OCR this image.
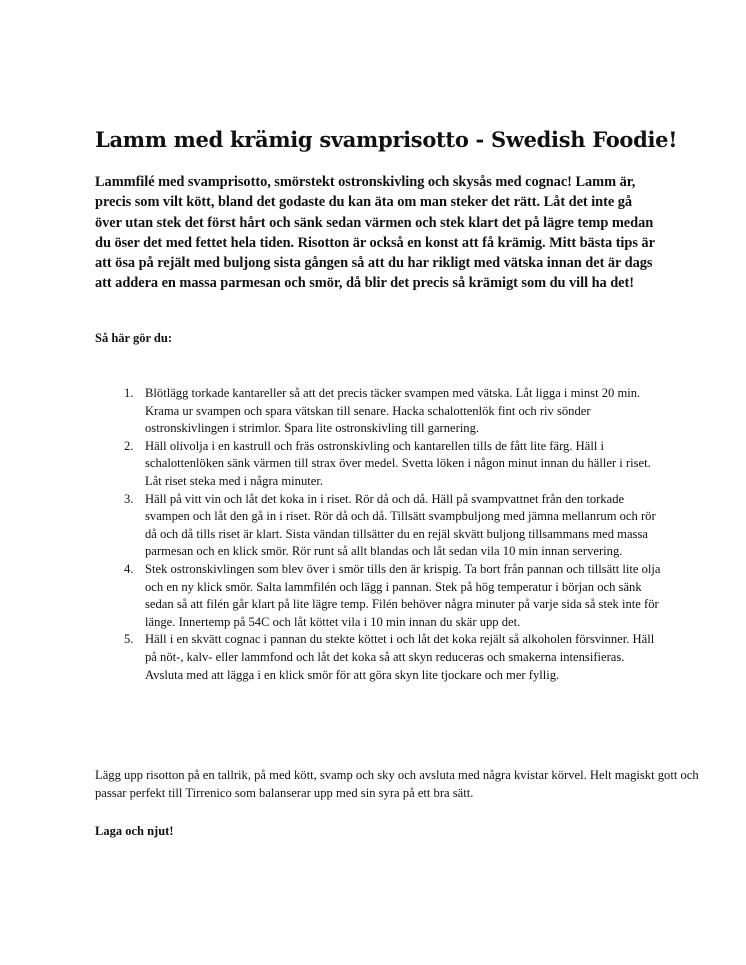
Lamm med krämig svamprisotto - Swedish Foodie!

Lammfilé med svamprisotto, smörstekt ostronskivling och skysås med cognac! Lamm är, precis som vilt kött, bland det godaste du kan äta om man steker det rätt. Låt det inte gå över utan stek det först hårt och sänk sedan värmen och stek klart det på lägre temp medan du öser det med fettet hela tiden. Risotton är också en konst att få krämig. Mitt bästa tips är att ösa på rejält med buljong sista gången så att du har rikligt med vätska innan det är dags att addera en massa parmesan och smör, då blir det precis så krämigt som du vill ha det!

Så här gör du:

1. Blötlägg torkade kantareller så att det precis täcker svampen med vätska. Låt ligga i minst 20 min. Krama ur svampen och spara vätskan till senare. Hacka schalottenlök fint och riv sönder ostronskivlingen i strimlor. Spara lite ostronskivling till garnering.
2. Häll olivolja i en kastrull och fräs ostronskivling och kantarellen tills de fått lite färg. Häll i schalottenlöken sänk värmen till strax över medel. Svetta löken i någon minut innan du häller i riset. Låt riset steka med i några minuter.
3. Häll på vitt vin och låt det koka in i riset. Rör då och då. Häll på svampvattnet från den torkade svampen och låt den gå in i riset. Rör då och då. Tillsätt svampbuljong med jämna mellanrum och rör då och då tills riset är klart. Sista vändan tillsätter du en rejäl skvätt buljong tillsammans med massa parmesan och en klick smör. Rör runt så allt blandas och låt sedan vila 10 min innan servering.
4. Stek ostronskivlingen som blev över i smör tills den är krispig. Ta bort från pannan och tillsätt lite olja och en ny klick smör. Salta lammfilén och lägg i pannan. Stek på hög temperatur i början och sänk sedan så att filén går klart på lite lägre temp. Filén behöver några minuter på varje sida så stek inte för länge. Innertemp på 54C och låt köttet vila i 10 min innan du skär upp det.
5. Häll i en skvätt cognac i pannan du stekte köttet i och låt det koka rejält så alkoholen försvinner. Häll på nöt-, kalv- eller lammfond och låt det koka så att skyn reduceras och smakerna intensifieras. Avsluta med att lägga i en klick smör för att göra skyn lite tjockare och mer fyllig.

Lägg upp risotton på en tallrik, på med kött, svamp och sky och avsluta med några kvistar körvel. Helt magiskt gott och passar perfekt till Tirrenico som balanserar upp med sin syra på ett bra sätt.

Laga och njut!
